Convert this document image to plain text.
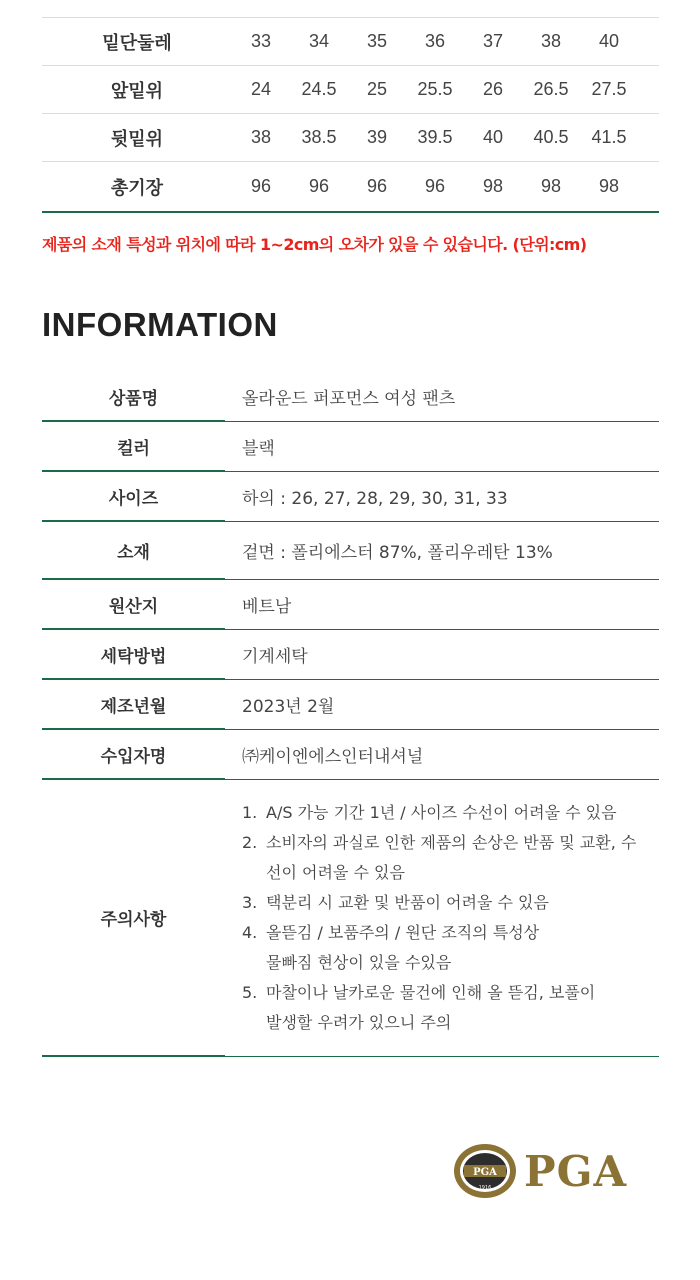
밑단둘레	33	34	35	36	37	38	40
앞밑위	24	24.5	25	25.5	26	26.5	27.5
뒷밑위	38	38.5	39	39.5	40	40.5	41.5
총기장	96	96	96	96	98	98	98
제품의 소재 특성과 위치에 따라 1~2cm의 오차가 있을 수 있습니다. (단위:cm)
INFORMATION
상품명	올라운드 퍼포먼스 여성 팬츠
컬러	블랙
사이즈	하의 : 26, 27, 28, 29, 30, 31, 33
소재	겉면 : 폴리에스터 87%, 폴리우레탄 13%
원산지	베트남
세탁방법	기계세탁
제조년월	2023년 2월
수입자명	㈜케이엔에스인터내셔널
주의사항
1. A/S 가능 기간 1년 / 사이즈 수선이 어려울 수 있음
2. 소비자의 과실로 인한 제품의 손상은 반품 및 교환, 수
선이 어려울 수 있음
3. 택분리 시 교환 및 반품이 어려울 수 있음
4. 올뜯김 / 보품주의 / 원단 조직의 특성상
물빠짐 현상이 있을 수있음
5. 마찰이나 날카로운 물건에 인해 올 뜯김, 보풀이
발생할 우려가 있으니 주의
PGA
1916 PGA
